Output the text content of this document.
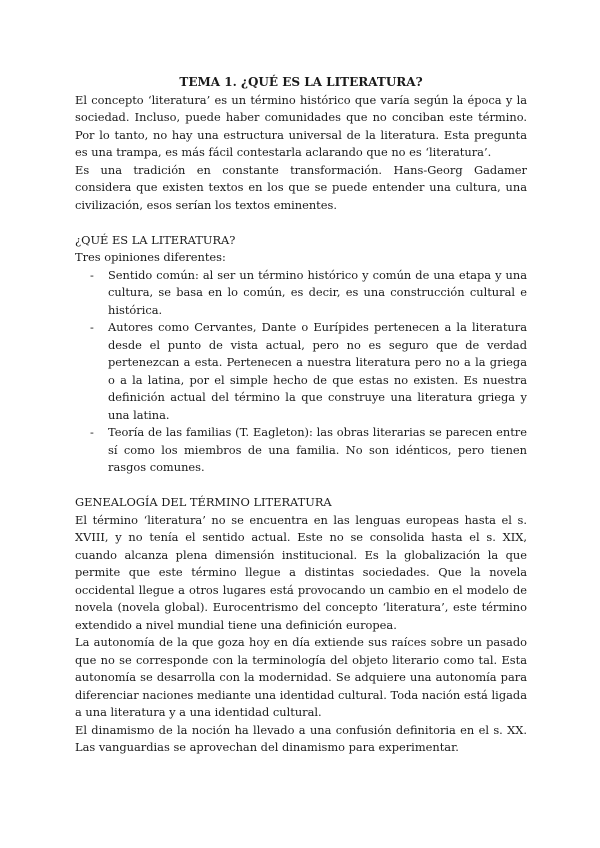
TEMA 1. ¿QUÉ ES LA LITERATURA?

El concepto ‘literatura’ es un término histórico que varía según la época y la sociedad. Incluso, puede haber comunidades que no conciban este término. Por lo tanto, no hay una estructura universal de la literatura. Esta pregunta es una trampa, es más fácil contestarla aclarando que no es ‘literatura’.

Es una tradición en constante transformación. Hans-Georg Gadamer considera que existen textos en los que se puede entender una cultura, una civilización, esos serían los textos eminentes.

¿QUÉ ES LA LITERATURA?

Tres opiniones diferentes:

- Sentido común: al ser un término histórico y común de una etapa y una cultura, se basa en lo común, es decir, es una construcción cultural e histórica.
- Autores como Cervantes, Dante o Eurípides pertenecen a la literatura desde el punto de vista actual, pero no es seguro que de verdad pertenezcan a esta. Pertenecen a nuestra literatura pero no a la griega o a la latina, por el simple hecho de que estas no existen. Es nuestra definición actual del término la que construye una literatura griega y una latina.
- Teoría de las familias (T. Eagleton): las obras literarias se parecen entre sí como los miembros de una familia. No son idénticos, pero tienen rasgos comunes.

GENEALOGÍA DEL TÉRMINO LITERATURA

El término ‘literatura’ no se encuentra en las lenguas europeas hasta el s. XVIII, y no tenía el sentido actual. Este no se consolida hasta el s. XIX, cuando alcanza plena dimensión institucional. Es la globalización la que permite que este término llegue a distintas sociedades. Que la novela occidental llegue a otros lugares está provocando un cambio en el modelo de novela (novela global). Eurocentrismo del concepto ‘literatura’, este término extendido a nivel mundial tiene una definición europea.

La autonomía de la que goza hoy en día extiende sus raíces sobre un pasado que no se corresponde con la terminología del objeto literario como tal. Esta autonomía se desarrolla con la modernidad. Se adquiere una autonomía para diferenciar naciones mediante una identidad cultural. Toda nación está ligada a una literatura y a una identidad cultural.

El dinamismo de la noción ha llevado a una confusión definitoria en el s. XX. Las vanguardias se aprovechan del dinamismo para experimentar.
